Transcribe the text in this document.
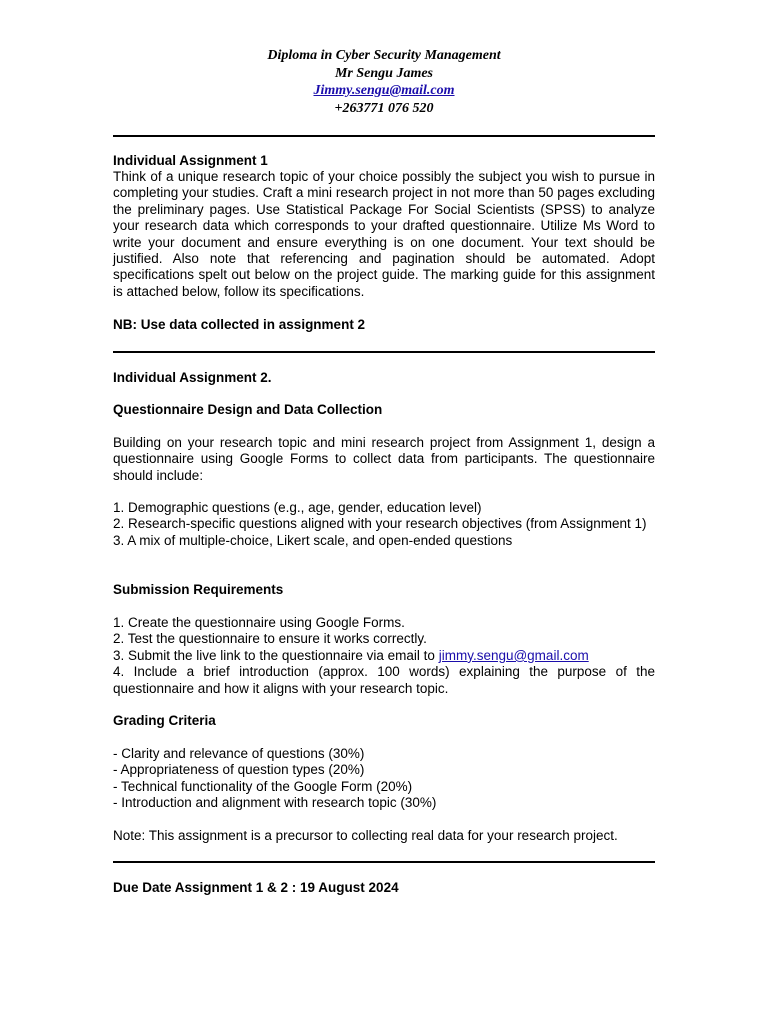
Diploma in Cyber Security Management
Mr Sengu James
Jimmy.sengu@mail.com
+263771 076 520
Individual Assignment 1
Think of a unique research topic of your choice possibly the subject you wish to pursue in completing your studies. Craft a mini research project in not more than 50 pages excluding the preliminary pages. Use Statistical Package For Social Scientists (SPSS) to analyze your research data which corresponds to your drafted questionnaire. Utilize Ms Word to write your document and ensure everything is on one document. Your text should be justified. Also note that referencing and pagination should be automated. Adopt specifications spelt out below on the project guide. The marking guide for this assignment is attached below, follow its specifications.
NB: Use data collected in assignment 2
Individual Assignment 2.
Questionnaire Design and Data Collection
Building on your research topic and mini research project from Assignment 1, design a questionnaire using Google Forms to collect data from participants. The questionnaire should include:
1. Demographic questions (e.g., age, gender, education level)
2. Research-specific questions aligned with your research objectives (from Assignment 1)
3. A mix of multiple-choice, Likert scale, and open-ended questions
Submission Requirements
1. Create the questionnaire using Google Forms.
2. Test the questionnaire to ensure it works correctly.
3. Submit the live link to the questionnaire via email to jimmy.sengu@gmail.com
4. Include a brief introduction (approx. 100 words) explaining the purpose of the questionnaire and how it aligns with your research topic.
Grading Criteria
- Clarity and relevance of questions (30%)
- Appropriateness of question types (20%)
- Technical functionality of the Google Form (20%)
- Introduction and alignment with research topic (30%)
Note: This assignment is a precursor to collecting real data for your research project.
Due Date Assignment 1 & 2 : 19 August 2024
